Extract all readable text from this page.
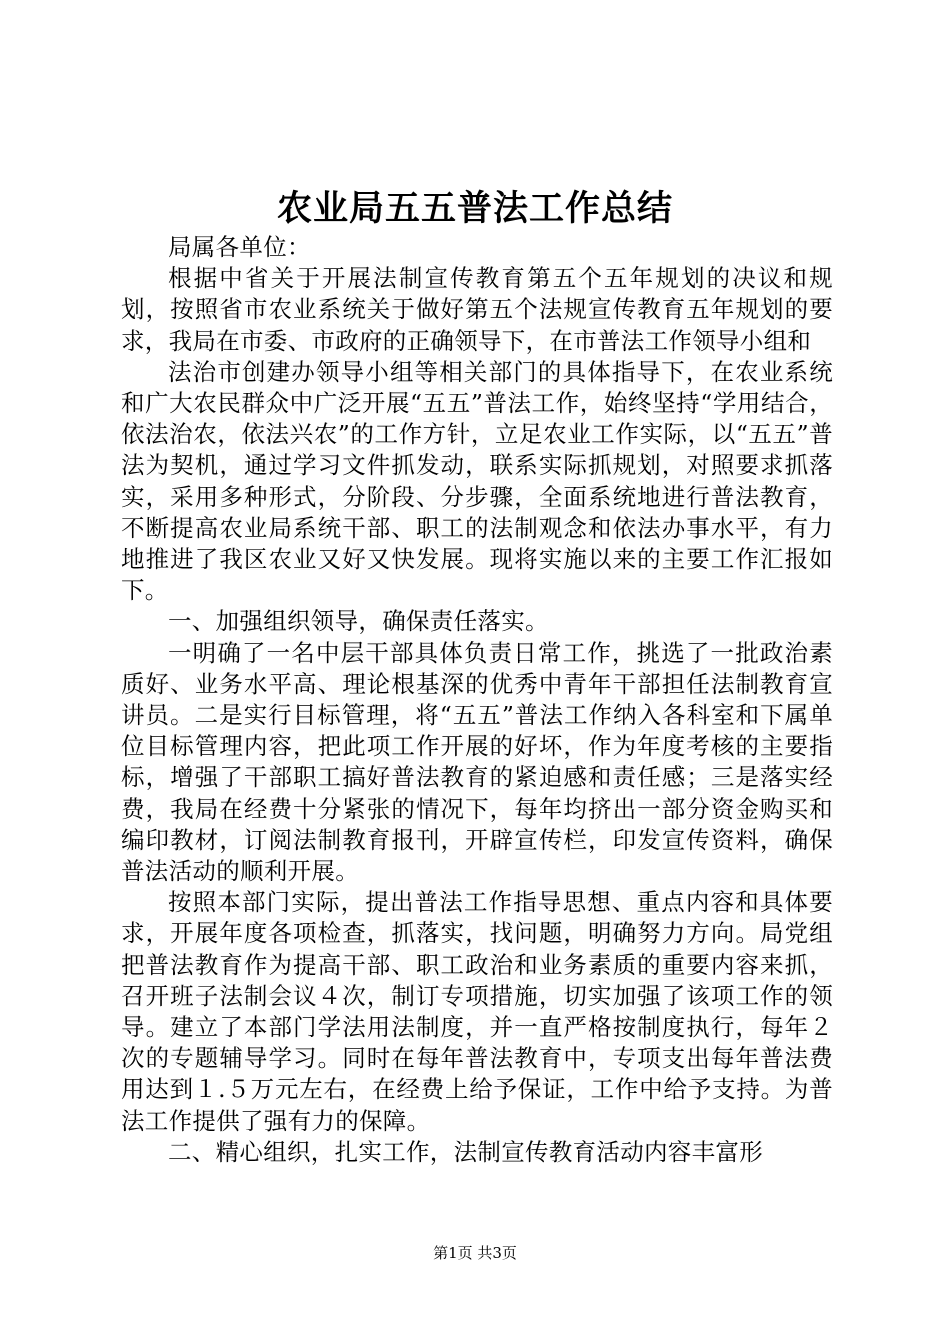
农业局五五普法工作总结

局属各单位：

根据中省关于开展法制宣传教育第五个五年规划的决议和规划，按照省市农业系统关于做好第五个法规宣传教育五年规划的要求，我局在市委、市政府的正确领导下，在市普法工作领导小组和

法治市创建办领导小组等相关部门的具体指导下，在农业系统和广大农民群众中广泛开展“五五”普法工作，始终坚持“学用结合，依法治农，依法兴农”的工作方针，立足农业工作实际，以“五五”普法为契机，通过学习文件抓发动，联系实际抓规划，对照要求抓落实，采用多种形式，分阶段、分步骤，全面系统地进行普法教育，不断提高农业局系统干部、职工的法制观念和依法办事水平，有力地推进了我区农业又好又快发展。现将实施以来的主要工作汇报如下。

一、加强组织领导，确保责任落实。

一明确了一名中层干部具体负责日常工作，挑选了一批政治素质好、业务水平高、理论根基深的优秀中青年干部担任法制教育宣讲员。二是实行目标管理，将“五五”普法工作纳入各科室和下属单位目标管理内容，把此项工作开展的好坏，作为年度考核的主要指标，增强了干部职工搞好普法教育的紧迫感和责任感；三是落实经费，我局在经费十分紧张的情况下，每年均挤出一部分资金购买和编印教材，订阅法制教育报刊，开辟宣传栏，印发宣传资料，确保普法活动的顺利开展。

按照本部门实际，提出普法工作指导思想、重点内容和具体要求，开展年度各项检查，抓落实，找问题，明确努力方向。局党组把普法教育作为提高干部、职工政治和业务素质的重要内容来抓，召开班子法制会议４次，制订专项措施，切实加强了该项工作的领导。建立了本部门学法用法制度，并一直严格按制度执行，每年２次的专题辅导学习。同时在每年普法教育中，专项支出每年普法费用达到１.５万元左右，在经费上给予保证，工作中给予支持。为普法工作提供了强有力的保障。

二、精心组织，扎实工作，法制宣传教育活动内容丰富形

第1页 共3页
